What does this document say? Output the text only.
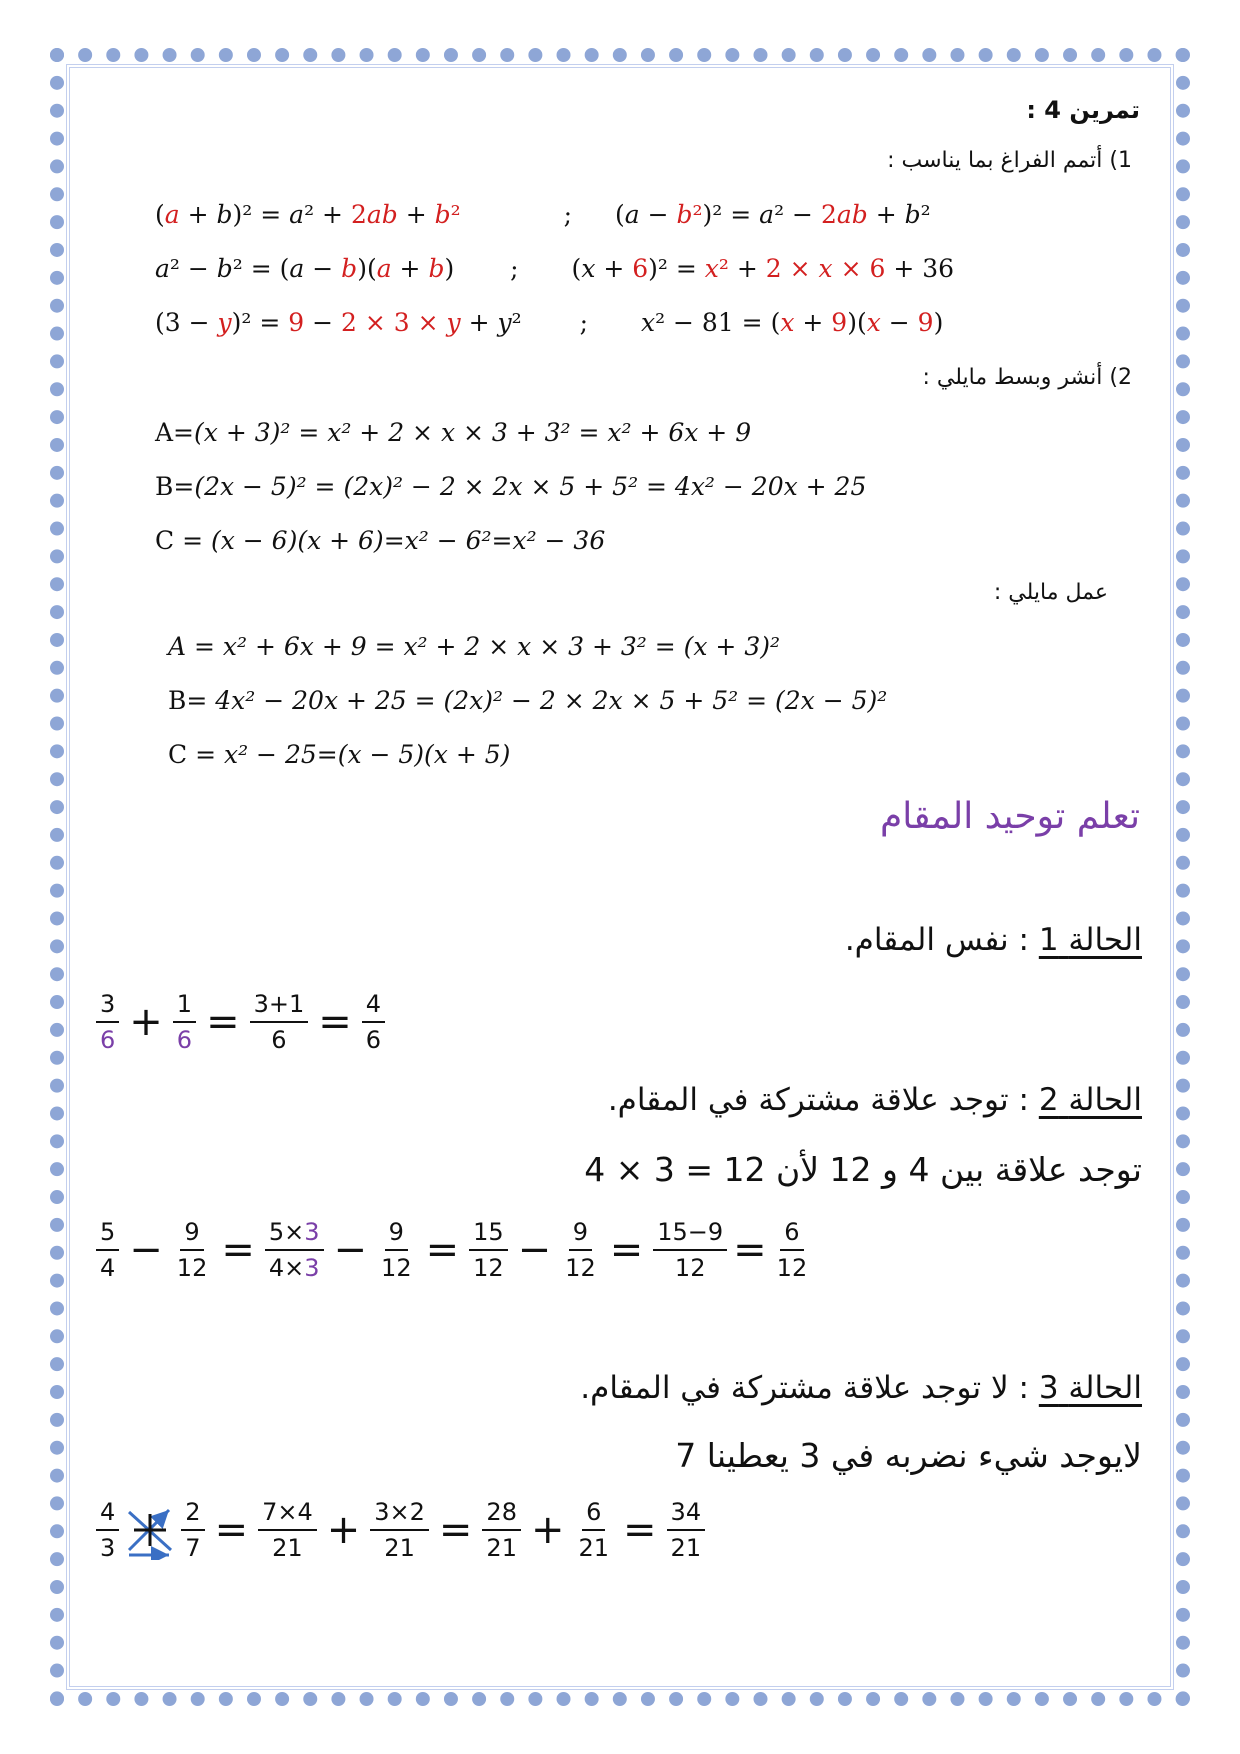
تمرين 4 :
1) أتمم الفراغ بما يناسب :
(a + b)² = a² + 2ab + b²	; (a − b²)² = a² − 2ab + b²
a² − b² = (a − b)(a + b) ; (x + 6)² = x² + 2 × x × 6 + 36
(3 − y)² = 9 − 2 × 3 × y + y² ; x² − 81 = (x + 9)(x − 9)
2) أنشر وبسط مايلي :
A=(x + 3)² = x² + 2 × x × 3 + 3² = x² + 6x + 9
B=(2x − 5)² = (2x)² − 2 × 2x × 5 + 5² = 4x² − 20x + 25
C = (x − 6)(x + 6)=x² − 6²=x² − 36
عمل مايلي :
A = x² + 6x + 9 = x² + 2 × x × 3 + 3² = (x + 3)²
B= 4x² − 20x + 25 = (2x)² − 2 × 2x × 5 + 5² = (2x − 5)²
C = x² − 25=(x − 5)(x + 5)
تعلم توحيد المقام
الحالة 1 : نفس المقام.
$\frac{3}{6} + \frac{1}{6} = \frac{3+1}{6} = \frac{4}{6}$
الحالة 2 : توجد علاقة مشتركة في المقام.
توجد علاقة بين 4 و 12 لأن 12 = 3 × 4
$\frac{5}{4} - \frac{9}{12} = \frac{5\times 3}{4\times 3} - \frac{9}{12} = \frac{15}{12} - \frac{9}{12} = \frac{15-9}{12} = \frac{6}{12}$
الحالة 3 : لا توجد علاقة مشتركة في المقام.
لايوجد شيء نضربه في 3 يعطينا 7
$\frac{4}{3}$	$\frac{2}{7} = \frac{7\times 4}{21} + \frac{3\times 2}{21} = \frac{28}{21} + \frac{6}{21} = \frac{34}{21}$
